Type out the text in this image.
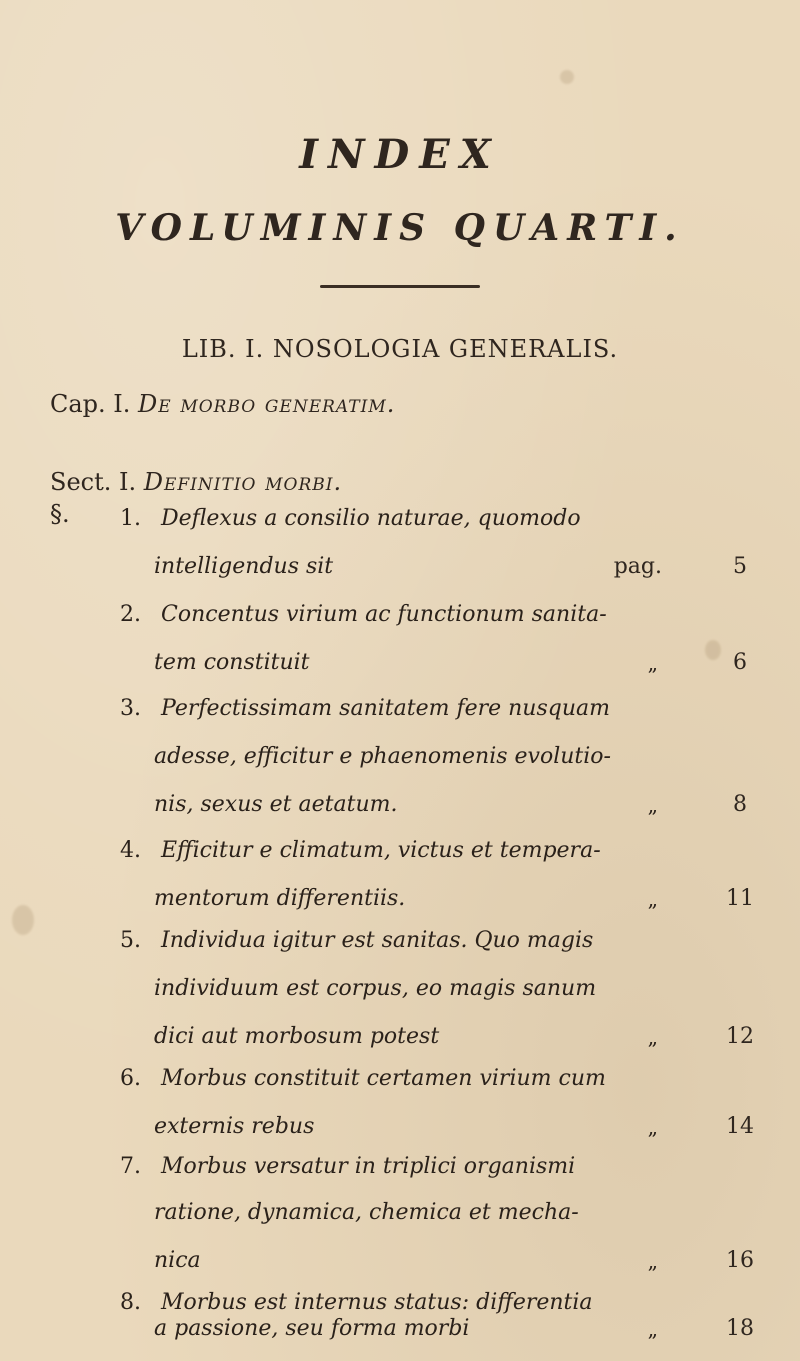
INDEX
VOLUMINIS QUARTI.
LIB. I. NOSOLOGIA GENERALIS.
Cap. I. De morbo generatim.
Sect. I. Definitio morbi.
§. 1. Deflexus a consilio naturae, quomodo
intelligendus sit	pag.	5
2. Concentus virium ac functionum sanita-
tem constituit	„	6
3. Perfectissimam sanitatem fere nusquam
adesse, efficitur e phaenomenis evolutio-
nis, sexus et aetatum.	„	8
4. Efficitur e climatum, victus et tempera-
mentorum differentiis.	„	11
5. Individua igitur est sanitas. Quo magis
individuum est corpus, eo magis sanum
dici aut morbosum potest	„	12
6. Morbus constituit certamen virium cum
externis rebus	„	14
7. Morbus versatur in triplici organismi
ratione, dynamica, chemica et mecha-
nica	„	16
8. Morbus est internus status: differentia
a passione, seu forma morbi	„	18
